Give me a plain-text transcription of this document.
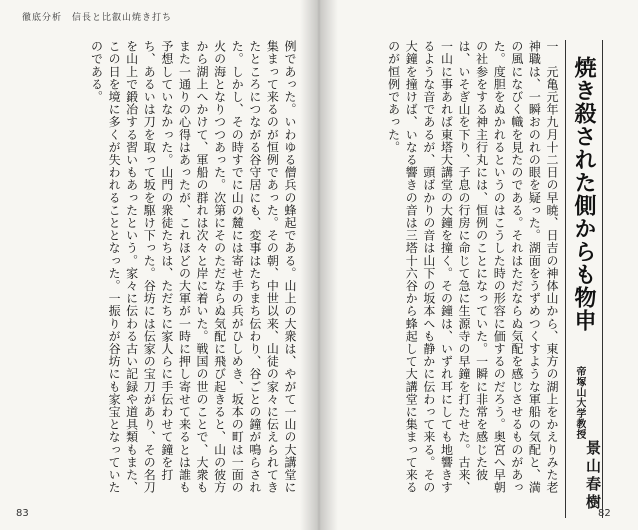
徹底分析　信長と比叡山焼き打ち
例であった。いわゆる僧兵の蜂起である。山上の大衆は、やがて一山の大講堂に集まって来るのが恒例であった。その朝、中世以来、山徒の家々に伝えられてきたところにつながる谷守居にも、変事はたちまち伝わり、谷ごとの鐘が鳴らされた。しかし、その時すでに山の麓には寄せ手の兵がひしめき、坂本の町は一面の火の海となりつつあった。次第にそのただならぬ気配に飛び起きると、山の彼方から湖上へかけて、軍船の群れは次々と岸に着いた。戦国の世のことで、大衆もまた一通りの心得はあったが、これほどの大軍が一時に押し寄せて来るとは誰も予想していなかった。山門の衆徒たちは、ただちに家人らに手伝わせて鐘を打ち、あるいは刀を取って坂を駆け下った。谷坊には伝家の宝刀があり、その名刀を山上で鍛冶する習いもあったという。家々に伝わる古い記録や道具類もまた、この日を境に多くが失われることとなった。一振りが谷坊にも家宝となっていたのである。	一　元亀元年九月十二日の早暁、日吉の神体山から、東方の湖上をかえりみた老神職は、一瞬おのれの眼を疑った。湖面をうずめつくすような軍船の気配と、満の風になびく幟を見たのである。それはただならぬ気配を感じさせるものがあった。度胆をぬかれるというのはこうした時の形容に価するのだろう。奥宮へ早朝の社参をする神主行丸には、恒例のことになっていた。一瞬に非常を感じた彼は、いそぎ山を下り、子息の行房に命じて急に生源寺の早鐘を打たせた。古来、一山に事あれば東塔大講堂の大鐘を撞く。その鐘は、いずれ耳にしても地響きするような音であるが、頭ばかりの音は山下の坂本へも静かに伝わって来る。その大鐘を撞けば、いなる響きの音は三塔十六谷から蜂起して大講堂に集まって来るのが恒例であった。	焼き殺された側からも物申
帝塚山大学教授
景山春樹
83	82
